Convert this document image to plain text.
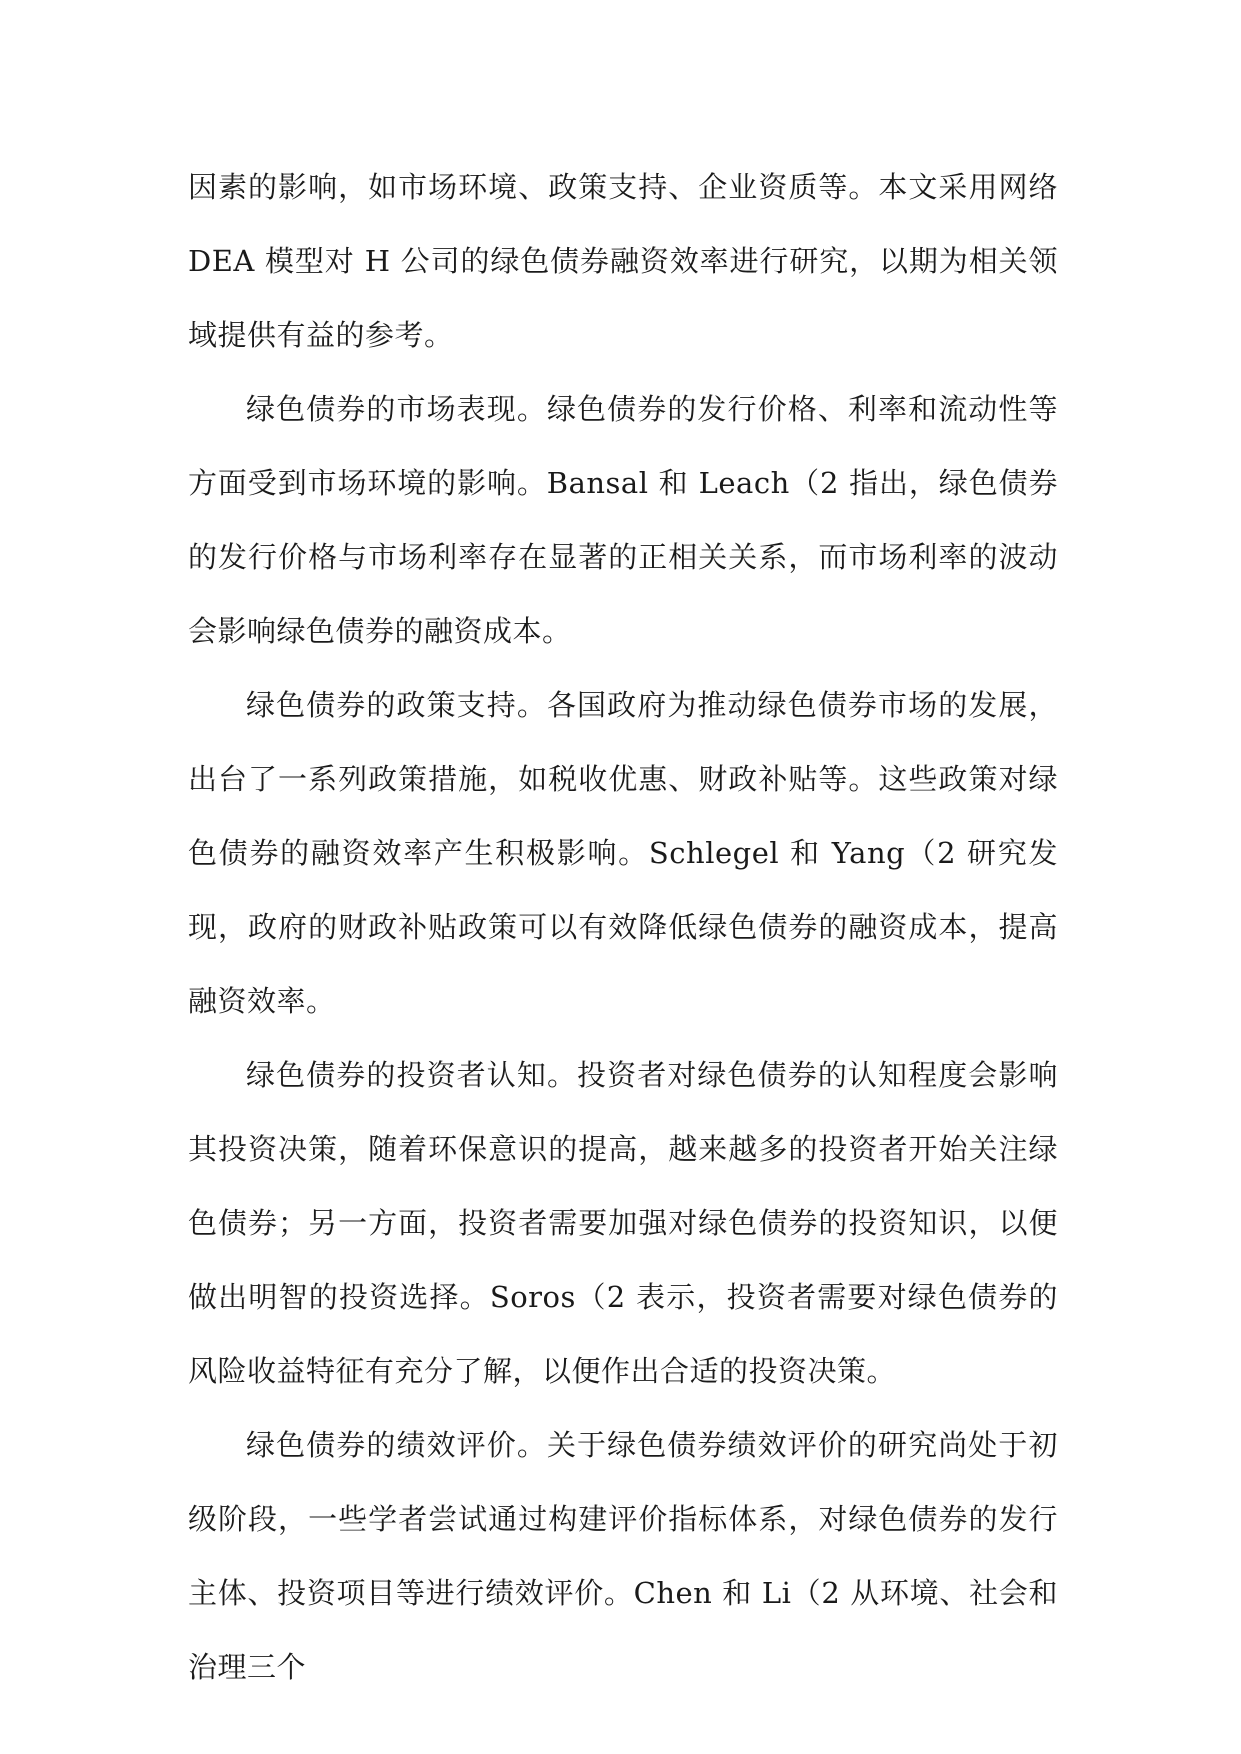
因素的影响，如市场环境、政策支持、企业资质等。本文采用网络 DEA 模型对 H 公司的绿色债券融资效率进行研究，以期为相关领域提供有益的参考。

绿色债券的市场表现。绿色债券的发行价格、利率和流动性等方面受到市场环境的影响。Bansal 和 Leach（2 指出，绿色债券的发行价格与市场利率存在显著的正相关关系，而市场利率的波动会影响绿色债券的融资成本。

绿色债券的政策支持。各国政府为推动绿色债券市场的发展，出台了一系列政策措施，如税收优惠、财政补贴等。这些政策对绿色债券的融资效率产生积极影响。Schlegel 和 Yang（2 研究发现，政府的财政补贴政策可以有效降低绿色债券的融资成本，提高融资效率。

绿色债券的投资者认知。投资者对绿色债券的认知程度会影响其投资决策，随着环保意识的提高，越来越多的投资者开始关注绿色债券；另一方面，投资者需要加强对绿色债券的投资知识，以便做出明智的投资选择。Soros（2 表示，投资者需要对绿色债券的风险收益特征有充分了解，以便作出合适的投资决策。

绿色债券的绩效评价。关于绿色债券绩效评价的研究尚处于初级阶段，一些学者尝试通过构建评价指标体系，对绿色债券的发行主体、投资项目等进行绩效评价。Chen 和 Li（2 从环境、社会和治理三个
